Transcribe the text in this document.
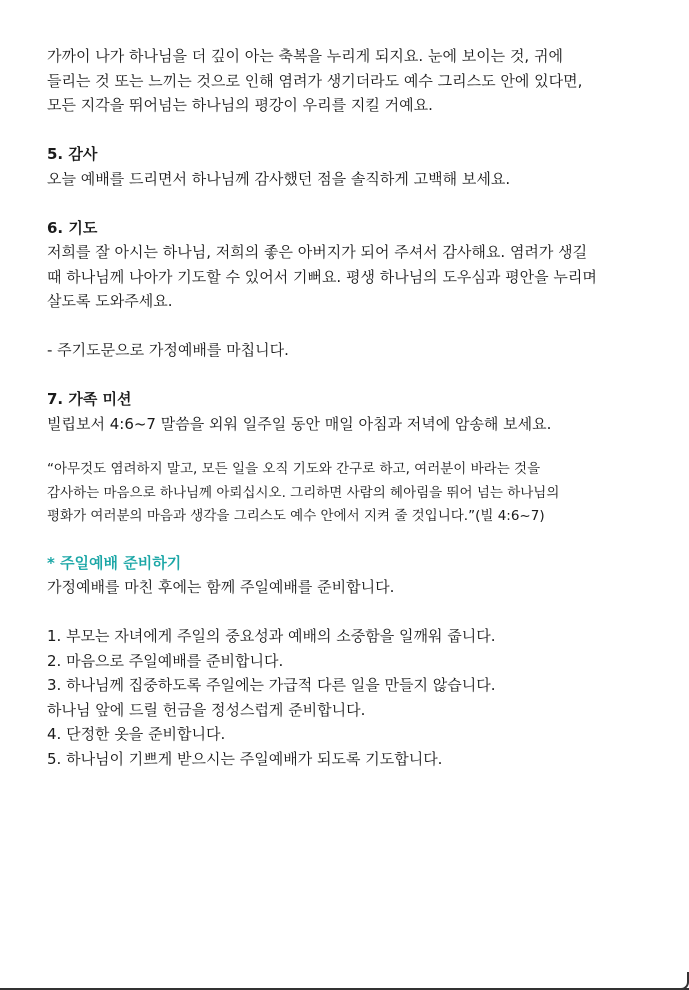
가까이 나가 하나님을 더 깊이 아는 축복을 누리게 되지요. 눈에 보이는 것, 귀에
들리는 것 또는 느끼는 것으로 인해 염려가 생기더라도 예수 그리스도 안에 있다면,
모든 지각을 뛰어넘는 하나님의 평강이 우리를 지킬 거예요.

5. 감사

오늘 예배를 드리면서 하나님께 감사했던 점을 솔직하게 고백해 보세요.

6. 기도

저희를 잘 아시는 하나님, 저희의 좋은 아버지가 되어 주셔서 감사해요. 염려가 생길
때 하나님께 나아가 기도할 수 있어서 기뻐요. 평생 하나님의 도우심과 평안을 누리며
살도록 도와주세요.

- 주기도문으로 가정예배를 마칩니다.

7. 가족 미션

빌립보서 4:6~7 말씀을 외워 일주일 동안 매일 아침과 저녁에 암송해 보세요.

“아무것도 염려하지 말고, 모든 일을 오직 기도와 간구로 하고, 여러분이 바라는 것을
감사하는 마음으로 하나님께 아뢰십시오. 그리하면 사람의 헤아림을 뛰어 넘는 하나님의
평화가 여러분의 마음과 생각을 그리스도 예수 안에서 지켜 줄 것입니다.”(빌 4:6~7)

* 주일예배 준비하기

가정예배를 마친 후에는 함께 주일예배를 준비합니다.

1. 부모는 자녀에게 주일의 중요성과 예배의 소중함을 일깨워 줍니다.
2. 마음으로 주일예배를 준비합니다.
3. 하나님께 집중하도록 주일에는 가급적 다른 일을 만들지 않습니다.
하나님 앞에 드릴 헌금을 정성스럽게 준비합니다.
4. 단정한 옷을 준비합니다.
5. 하나님이 기쁘게 받으시는 주일예배가 되도록 기도합니다.
